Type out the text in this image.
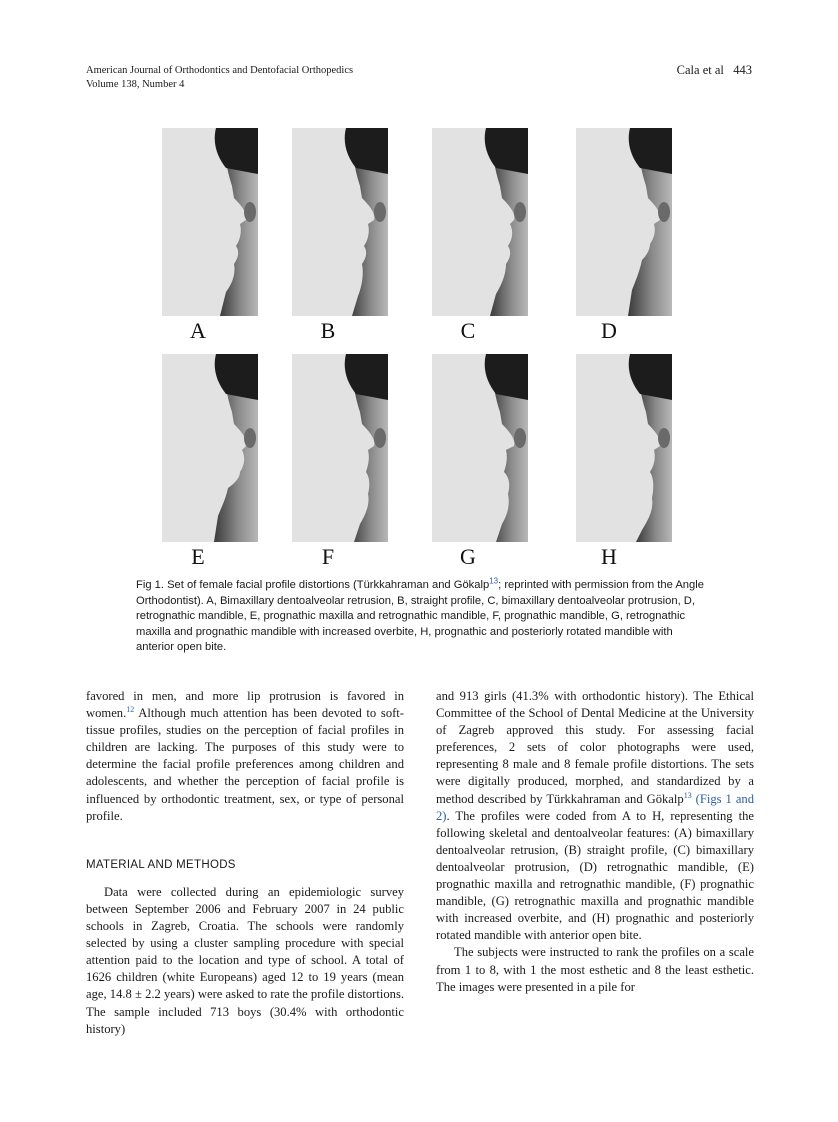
American Journal of Orthodontics and Dentofacial Orthopedics
Volume 138, Number 4
Cala et al 443
A	B	C	D
E	F	G	H
Fig 1. Set of female facial profile distortions (Türkkahraman and Gökalp$^{13}$; reprinted with permission from the Angle Orthodontist). A, Bimaxillary dentoalveolar retrusion, B, straight profile, C, bimaxillary dentoalveolar protrusion, D, retrognathic mandible, E, prognathic maxilla and retrognathic mandible, F, prognathic mandible, G, retrognathic maxilla and prognathic mandible with increased overbite, H, prognathic and posteriorly rotated mandible with anterior open bite.

favored in men, and more lip protrusion is favored in women.$^{12}$ Although much attention has been devoted to soft-tissue profiles, studies on the perception of facial profiles in children are lacking. The purposes of this study were to determine the facial profile preferences among children and adolescents, and whether the perception of facial profile is influenced by orthodontic treatment, sex, or type of personal profile.

MATERIAL AND METHODS

Data were collected during an epidemiologic survey between September 2006 and February 2007 in 24 public schools in Zagreb, Croatia. The schools were randomly selected by using a cluster sampling procedure with special attention paid to the location and type of school. A total of 1626 children (white Europeans) aged 12 to 19 years (mean age, 14.8 ± 2.2 years) were asked to rate the profile distortions. The sample included 713 boys (30.4% with orthodontic history)

and 913 girls (41.3% with orthodontic history). The Ethical Committee of the School of Dental Medicine at the University of Zagreb approved this study. For assessing facial preferences, 2 sets of color photographs were used, representing 8 male and 8 female profile distortions. The sets were digitally produced, morphed, and standardized by a method described by Türkkahraman and Gökalp$^{13}$ (Figs 1 and 2). The profiles were coded from A to H, representing the following skeletal and dentoalveolar features: (A) bimaxillary dentoalveolar retrusion, (B) straight profile, (C) bimaxillary dentoalveolar protrusion, (D) retrognathic mandible, (E) prognathic maxilla and retrognathic mandible, (F) prognathic mandible, (G) retrognathic maxilla and prognathic mandible with increased overbite, and (H) prognathic and posteriorly rotated mandible with anterior open bite.

The subjects were instructed to rank the profiles on a scale from 1 to 8, with 1 the most esthetic and 8 the least esthetic. The images were presented in a pile for
